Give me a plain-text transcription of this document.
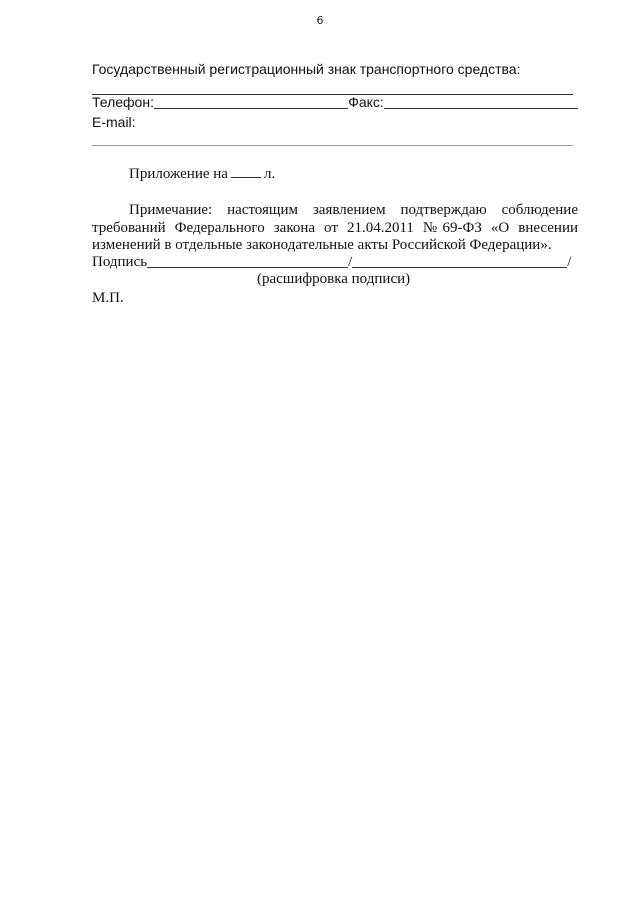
6
Государственный регистрационный знак транспортного средства:
Телефон:	Факс:
E-mail:
Приложение на л.
Примечание: настоящим заявлением подтверждаю соблюдение требований Федерального закона от 21.04.2011 №69-ФЗ «О внесении изменений в отдельные законодательные акты Российской Федерации».
Подпись	/	/
(расшифровка подписи)
М.П.
